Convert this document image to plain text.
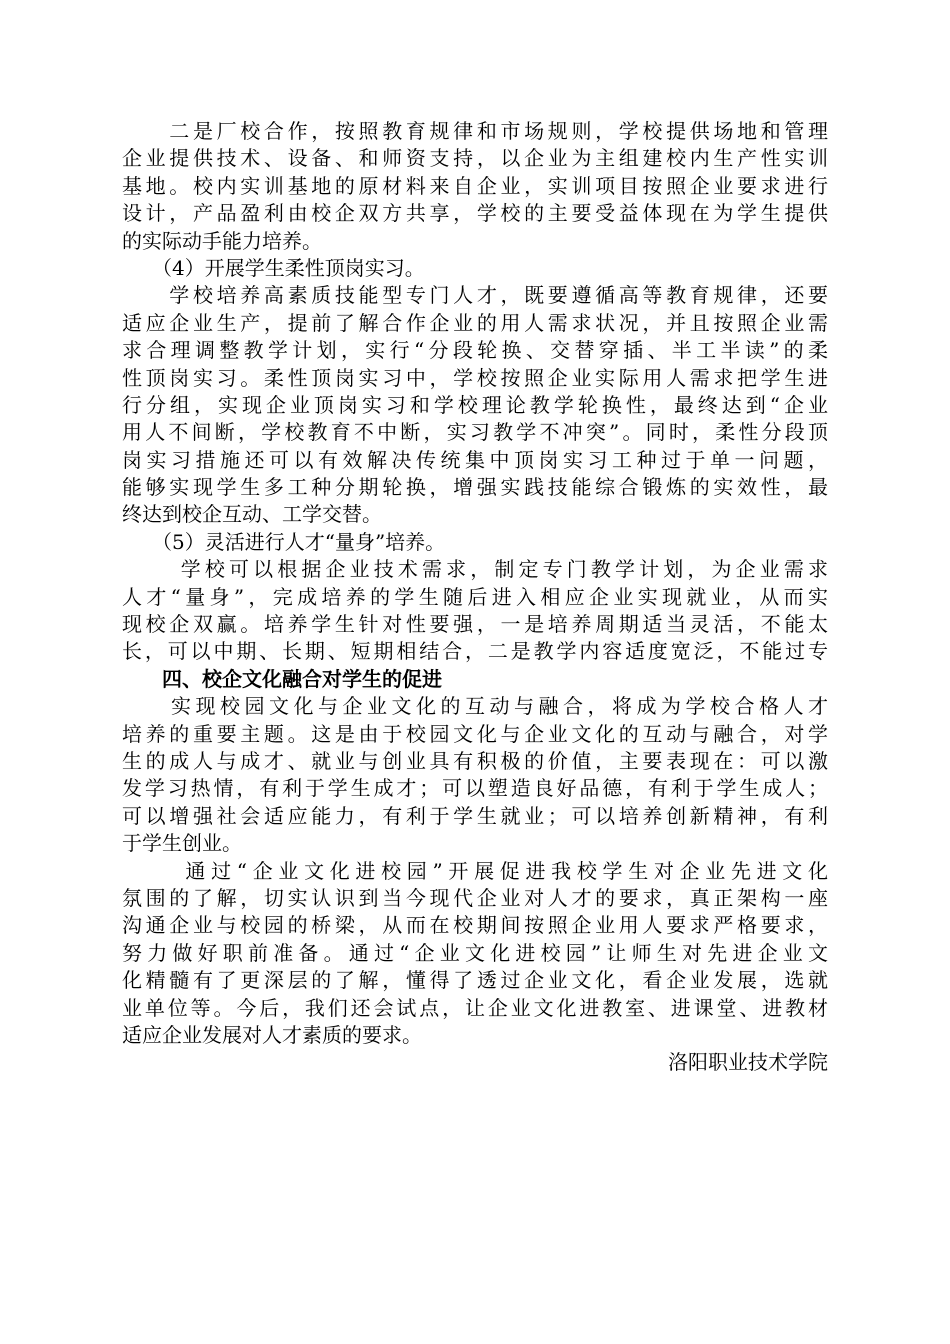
　　二是厂校合作，按照教育规律和市场规则，学校提供场地和管理
企业提供技术、设备、和师资支持，以企业为主组建校内生产性实训
基地。校内实训基地的原材料来自企业，实训项目按照企业要求进行
设计，产品盈利由校企双方共享，学校的主要受益体现在为学生提供
的实际动手能力培养。
　　（4）开展学生柔性顶岗实习。
　　学校培养高素质技能型专门人才，既要遵循高等教育规律，还要
适应企业生产，提前了解合作企业的用人需求状况，并且按照企业需
求合理调整教学计划，实行“分段轮换、交替穿插、半工半读”的柔
性顶岗实习。柔性顶岗实习中，学校按照企业实际用人需求把学生进
行分组，实现企业顶岗实习和学校理论教学轮换性，最终达到“企业
用人不间断，学校教育不中断，实习教学不冲突”。同时，柔性分段顶
岗实习措施还可以有效解决传统集中顶岗实习工种过于单一问题，
能够实现学生多工种分期轮换，增强实践技能综合锻炼的实效性，最
终达到校企互动、工学交替。
　　（5）灵活进行人才“量身”培养。
　　 学校可以根据企业技术需求，制定专门教学计划，为企业需求
人才“量身”，完成培养的学生随后进入相应企业实现就业，从而实
现校企双赢。培养学生针对性要强，一是培养周期适当灵活，不能太
长，可以中期、长期、短期相结合，二是教学内容适度宽泛，不能过专
　　四、校企文化融合对学生的促进
　　实现校园文化与企业文化的互动与融合，将成为学校合格人才
培养的重要主题。这是由于校园文化与企业文化的互动与融合，对学
生的成人与成才、就业与创业具有积极的价值，主要表现在：可以激
发学习热情，有利于学生成才；可以塑造良好品德，有利于学生成人；
可以增强社会适应能力，有利于学生就业；可以培养创新精神，有利
于学生创业。
　　 通过“企业文化进校园”开展促进我校学生对企业先进文化
氛围的了解，切实认识到当今现代企业对人才的要求，真正架构一座
沟通企业与校园的桥梁，从而在校期间按照企业用人要求严格要求，
努力做好职前准备。通过“企业文化进校园”让师生对先进企业文
化精髓有了更深层的了解，懂得了透过企业文化，看企业发展，选就
业单位等。今后，我们还会试点，让企业文化进教室、进课堂、进教材
适应企业发展对人才素质的要求。
洛阳职业技术学院
